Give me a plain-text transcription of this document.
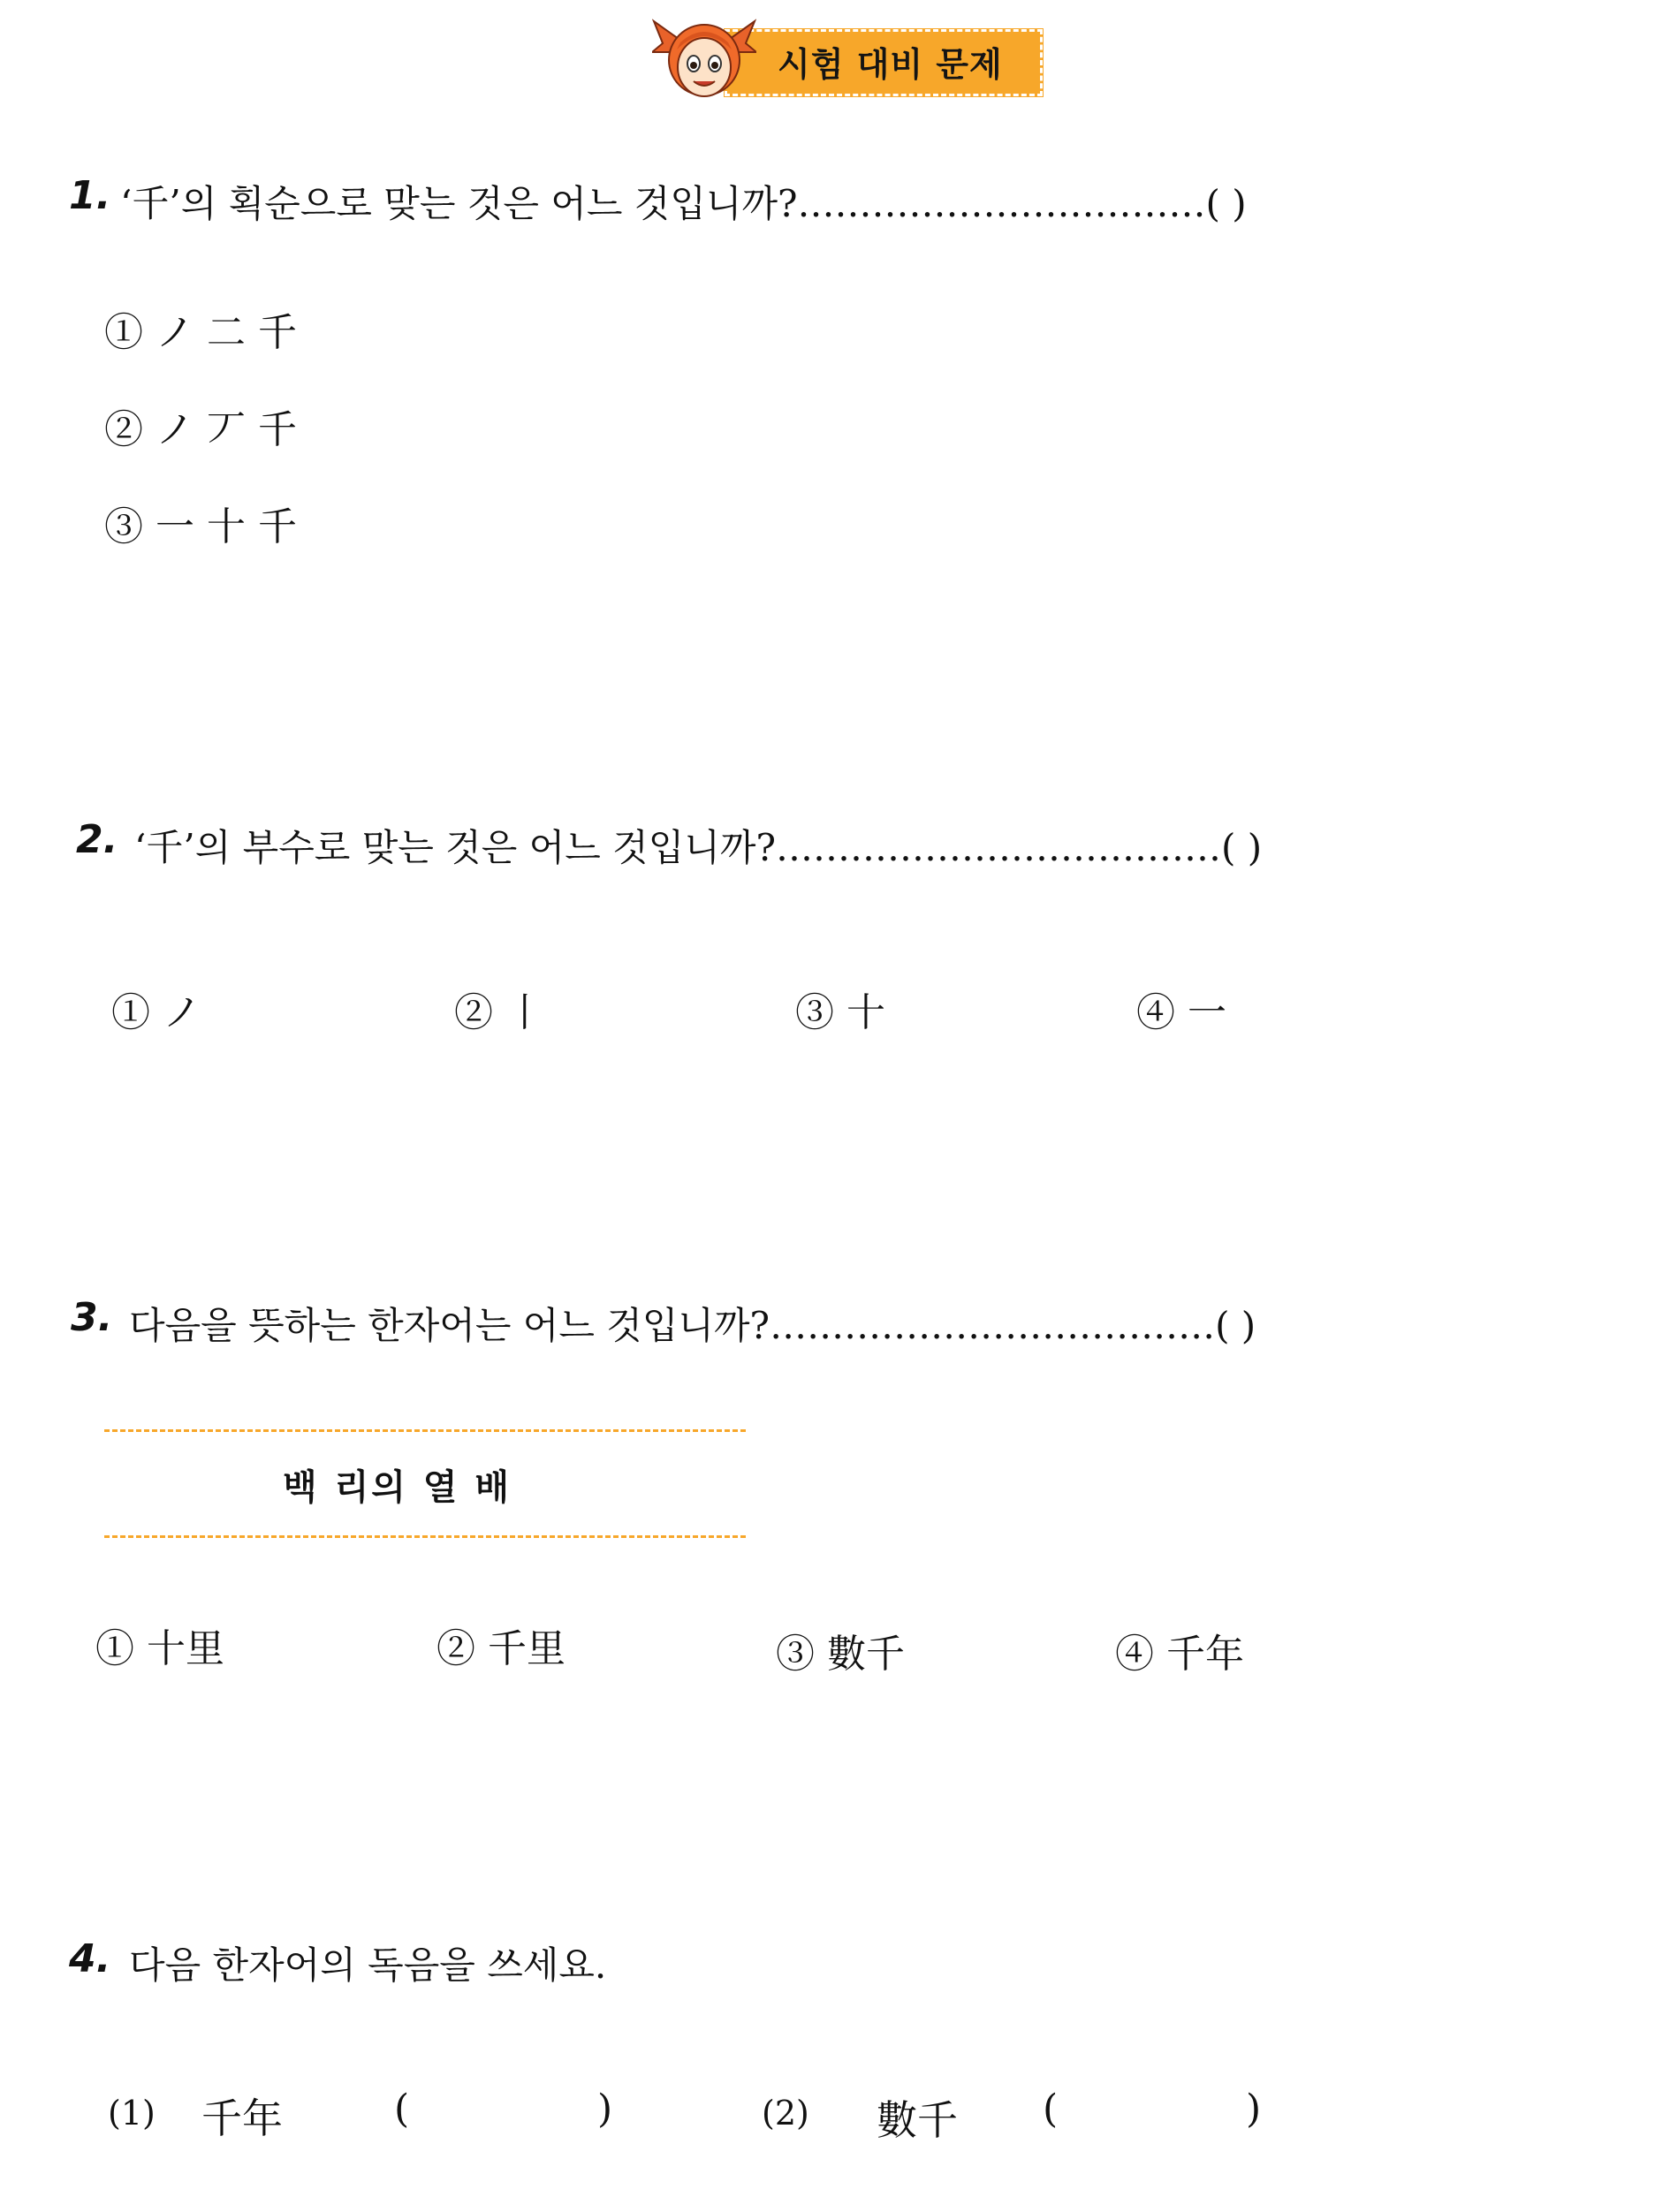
시험 대비 문제
1. ‘千’의 획순으로 맞는 것은 어느 것입니까?……………………………( )
① ノ 二 千
② ノ 丆 千
③ 一 十 千
2. ‘千’의 부수로 맞는 것은 어느 것입니까?………………………………( )
① ノ	② 丨	③ 十	④ 一
3. 다음을 뜻하는 한자어는 어느 것입니까?………………………………( )
백 리의 열 배
① 十里	② 千里	③ 數千	④ 千年
4. 다음 한자어의 독음을 쓰세요.
(1) 千年	(	)	(2) 數千 (	)
